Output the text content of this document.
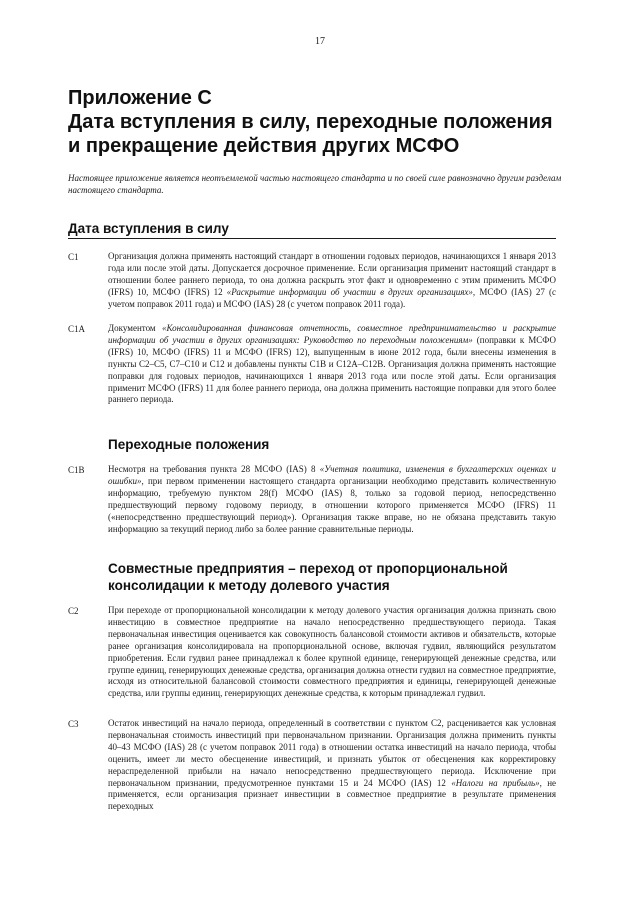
17
Приложение С
Дата вступления в силу, переходные положения
и прекращение действия других МСФО

Настоящее приложение является неотъемлемой частью настоящего стандарта и по своей силе равнозначно другим разделам настоящего стандарта.

Дата вступления в силу
C1	Организация должна применять настоящий стандарт в отношении годовых периодов, начинающихся 1 января 2013 года или после этой даты. Допускается досрочное применение. Если организация применит настоящий стандарт в отношении более раннего периода, то она должна раскрыть этот факт и одновременно с этим применить МСФО (IFRS) 10, МСФО (IFRS) 12 «Раскрытие информации об участии в других организациях», МСФО (IAS) 27 (с учетом поправок 2011 года) и МСФО (IAS) 28 (с учетом поправок 2011 года).
C1A	Документом «Консолидированная финансовая отчетность, совместное предпринимательство и раскрытие информации об участии в других организациях: Руководство по переходным положениям» (поправки к МСФО (IFRS) 10, МСФО (IFRS) 11 и МСФО (IFRS) 12), выпущенным в июне 2012 года, были внесены изменения в пункты C2–C5, C7–C10 и C12 и добавлены пункты C1B и C12A–C12B. Организация должна применять настоящие поправки для годовых периодов, начинающихся 1 января 2013 года или после этой даты. Если организация применит МСФО (IFRS) 11 для более раннего периода, она должна применить настоящие поправки для этого более раннего периода.
Переходные положения
C1B	Несмотря на требования пункта 28 МСФО (IAS) 8 «Учетная политика, изменения в бухгалтерских оценках и ошибки», при первом применении настоящего стандарта организации необходимо представить количественную информацию, требуемую пунктом 28(f) МСФО (IAS) 8, только за годовой период, непосредственно предшествующий первому годовому периоду, в отношении которого применяется МСФО (IFRS) 11 («непосредственно предшествующий период»). Организация также вправе, но не обязана представить такую информацию за текущий период либо за более ранние сравнительные периоды.
Совместные предприятия – переход от пропорциональной консолидации к методу долевого участия
C2	При переходе от пропорциональной консолидации к методу долевого участия организация должна признать свою инвестицию в совместное предприятие на начало непосредственно предшествующего периода. Такая первоначальная инвестиция оценивается как совокупность балансовой стоимости активов и обязательств, которые ранее организация консолидировала на пропорциональной основе, включая гудвил, являющийся результатом приобретения. Если гудвил ранее принадлежал к более крупной единице, генерирующей денежные средства, или группе единиц, генерирующих денежные средства, организация должна отнести гудвил на совместное предприятие, исходя из относительной балансовой стоимости совместного предприятия и единицы, генерирующей денежные средства, или группы единиц, генерирующих денежные средства, к которым принадлежал гудвил.
C3	Остаток инвестиций на начало периода, определенный в соответствии с пунктом C2, расценивается как условная первоначальная стоимость инвестиций при первоначальном признании. Организация должна применить пункты 40–43 МСФО (IAS) 28 (с учетом поправок 2011 года) в отношении остатка инвестиций на начало периода, чтобы оценить, имеет ли место обесценение инвестиций, и признать убыток от обесценения как корректировку нераспределенной прибыли на начало непосредственно предшествующего периода. Исключение при первоначальном признании, предусмотренное пунктами 15 и 24 МСФО (IAS) 12 «Налоги на прибыль», не применяется, если организация признает инвестиции в совместное предприятие в результате применения переходных
